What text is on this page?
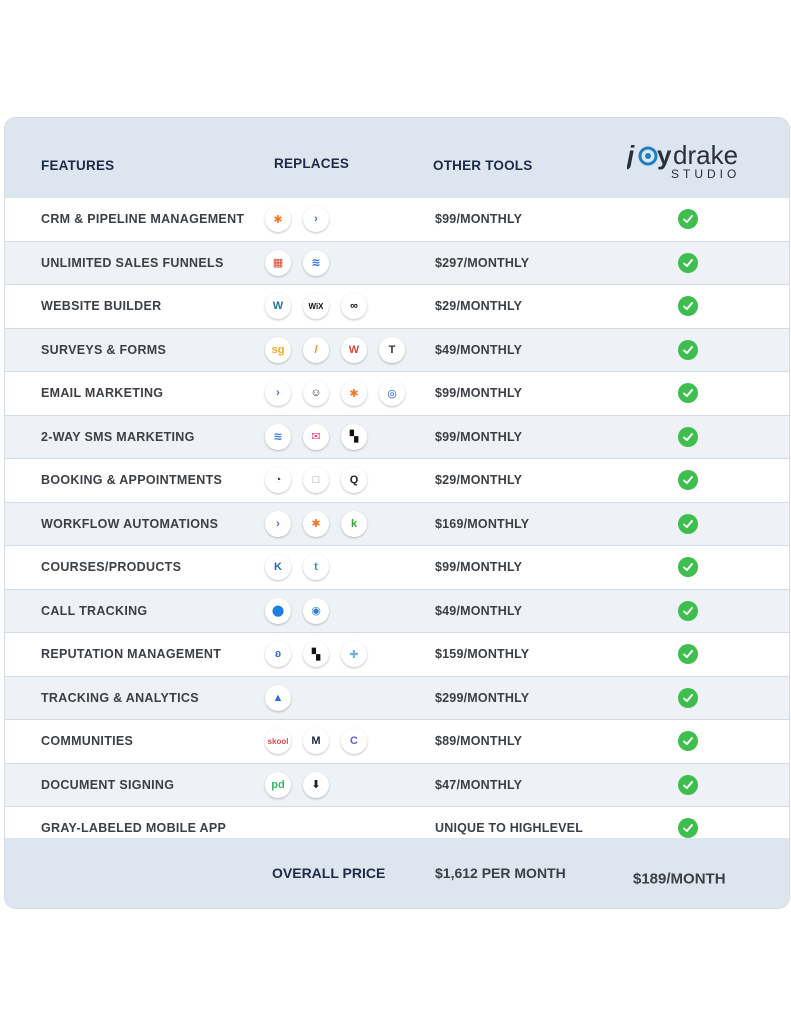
FEATURES	REPLACES	OTHER TOOLS	j y drake
STUDIO
CRM & PIPELINE MANAGEMENT	✱	›	$99/MONTHLY
UNLIMITED SALES FUNNELS	▦	≋	$297/MONTHLY
WEBSITE BUILDER	W	WiX	∞	$29/MONTHLY
SURVEYS & FORMS	sg	/	W	T	$49/MONTHLY
EMAIL MARKETING	›	☺	✱	◎	$99/MONTHLY
2-WAY SMS MARKETING	≋	✉	▚	$99/MONTHLY
BOOKING & APPOINTMENTS	◔	□	Q	$29/MONTHLY
WORKFLOW AUTOMATIONS	›	✱	k	$169/MONTHLY
COURSES/PRODUCTS	K	t	$99/MONTHLY
CALL TRACKING	⬤	◉	$49/MONTHLY
REPUTATION MANAGEMENT	ʚ	▚	✚	$159/MONTHLY
TRACKING & ANALYTICS	▲	$299/MONTHLY
COMMUNITIES	skool	M	C	$89/MONTHLY
DOCUMENT SIGNING	pd	⬇	$47/MONTHLY
GRAY-LABELED MOBILE APP	UNIQUE TO HIGHLEVEL
OVERALL PRICE	$1,612 PER MONTH	$189/MONTH
